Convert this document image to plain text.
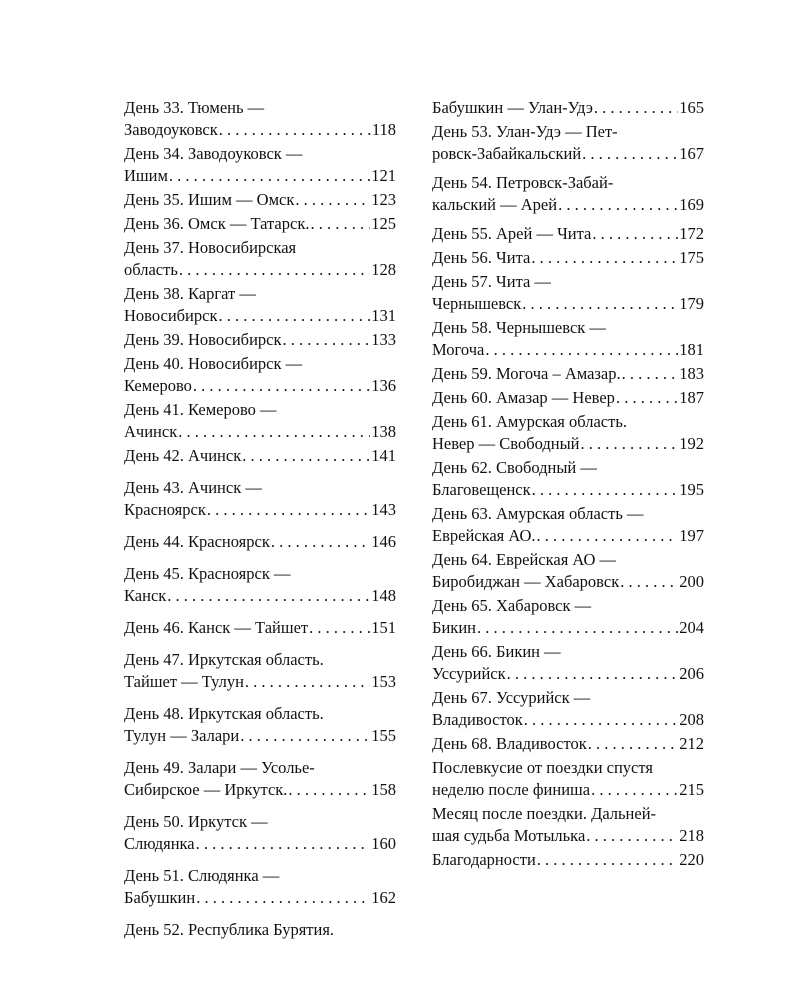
День 33. Тюмень —
Заводоуковск . . .	118
День 34. Заводоуковск —
Ишим . . .	121
День 35. Ишим — Омск . . .	123
День 36. Омск — Татарск. . . .	125
День 37. Новосибирская
область . . .	128
День 38. Каргат —
Новосибирск . . .	131
День 39. Новосибирск . . .	133
День 40. Новосибирск —
Кемерово . . .	136
День 41. Кемерово —
Ачинск . . .	138
День 42. Ачинск . . .	141
День 43. Ачинск —
Красноярск . . .	143
День 44. Красноярск . . .	146
День 45. Красноярск —
Канск . . .	148
День 46. Канск — Тайшет . . .	151
День 47. Иркутская область.
Тайшет — Тулун . . .	153
День 48. Иркутская область.
Тулун — Залари . . .	155
День 49. Залари — Усолье-
Сибирское — Иркутск. . . .	158
День 50. Иркутск —
Слюдянка . . .	160
День 51. Слюдянка —
Бабушкин . . .	162
День 52. Республика Бурятия.
Бабушкин — Улан-Удэ . . .	165
День 53. Улан-Удэ — Пет-
ровск-Забайкальский . . .	167
День 54. Петровск-Забай-
кальский — Арей . . .	169
День 55. Арей — Чита . . .	172
День 56. Чита . . .	175
День 57. Чита —
Чернышевск . . .	179
День 58. Чернышевск —
Могоча . . .	181
День 59. Могоча – Амазар. . . .	183
День 60. Амазар — Невер . . .	187
День 61. Амурская область.
Невер — Свободный . . .	192
День 62. Свободный —
Благовещенск . . .	195
День 63. Амурская область —
Еврейская АО. . . .	197
День 64. Еврейская АО —
Биробиджан — Хабаровск . . .	200
День 65. Хабаровск —
Бикин . . .	204
День 66. Бикин —
Уссурийск . . .	206
День 67. Уссурийск —
Владивосток . . .	208
День 68. Владивосток . . .	212
Послевкусие от поездки спустя
неделю после финиша . . .	215
Месяц после поездки. Дальней-
шая судьба Мотылька . . .	218
Благодарности . . .	220
